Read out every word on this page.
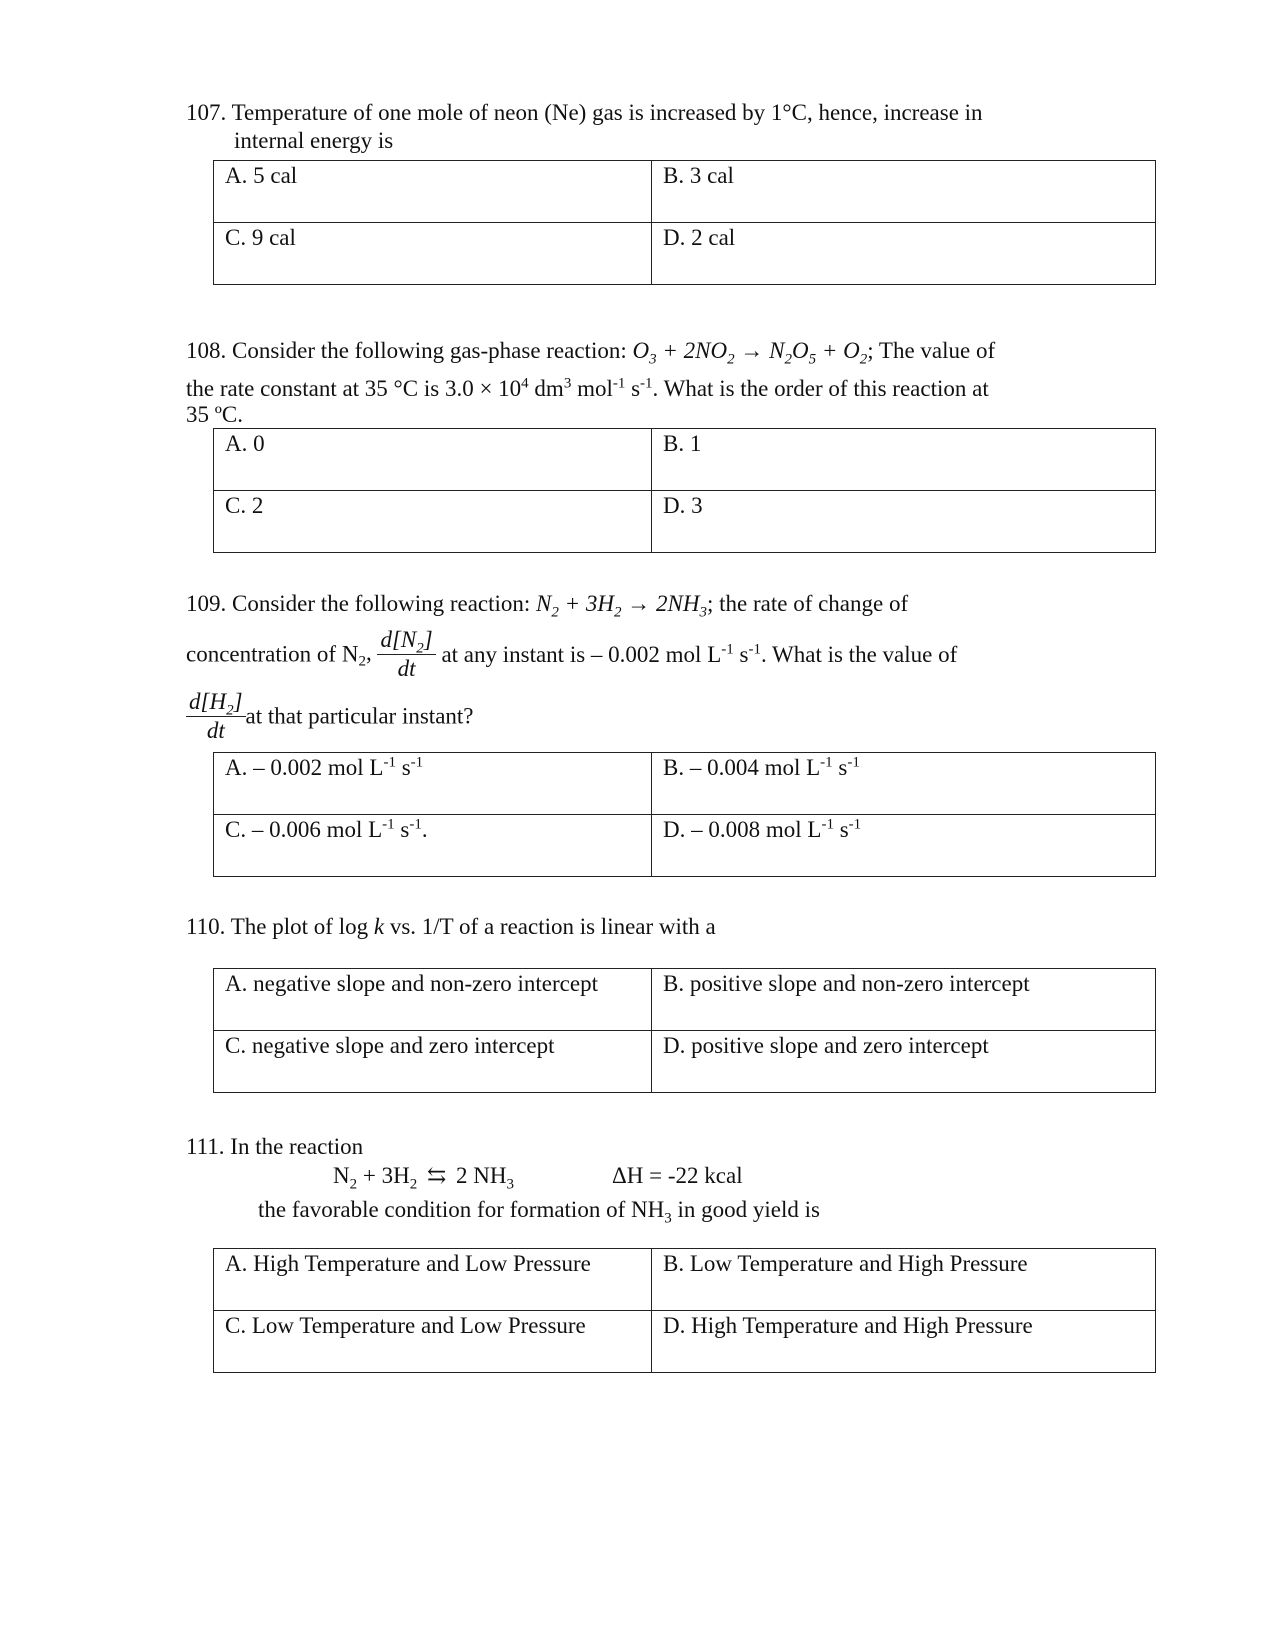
107. Temperature of one mole of neon (Ne) gas is increased by 1°C, hence, increase in
internal energy is
A. 5 cal	B. 3 cal
C. 9 cal	D. 2 cal
108. Consider the following gas-phase reaction: $O_3 + 2NO_2 \to N_2O_5 + O_2$; The value of
the rate constant at 35 °C is $3.0 \times 10^4$ $dm^3$ mol$^{-1}$ $s^{-1}$. What is the order of this reaction at
35 ºC.
A. 0	B. 1
C. 2	D. 3
109. Consider the following reaction: $N_2 + 3H_2 \to 2NH_3$; the rate of change of
concentration of $N_2$, $\frac{d[N_2]}{dt}$ at any instant is – 0.002 mol $L^{-1}$ $s^{-1}$. What is the value of
$\frac{d[H_2]}{dt}$ at that particular instant?
A. – 0.002 mol $L^{-1}$ $s^{-1}$	B. – 0.004 mol $L^{-1}$ $s^{-1}$
C. – 0.006 mol $L^{-1}$ $s^{-1}$.	D. – 0.008 mol $L^{-1}$ $s^{-1}$
110. The plot of log k vs. 1/T of a reaction is linear with a
A. negative slope and non-zero intercept	B. positive slope and non-zero intercept
C. negative slope and zero intercept	D. positive slope and zero intercept
111. In the reaction
$N_2 + 3H_2$ ⇆ 2 $NH_3$	ΔH = -22 kcal
the favorable condition for formation of $NH_3$ in good yield is
A. High Temperature and Low Pressure	B. Low Temperature and High Pressure
C. Low Temperature and Low Pressure	D. High Temperature and High Pressure
